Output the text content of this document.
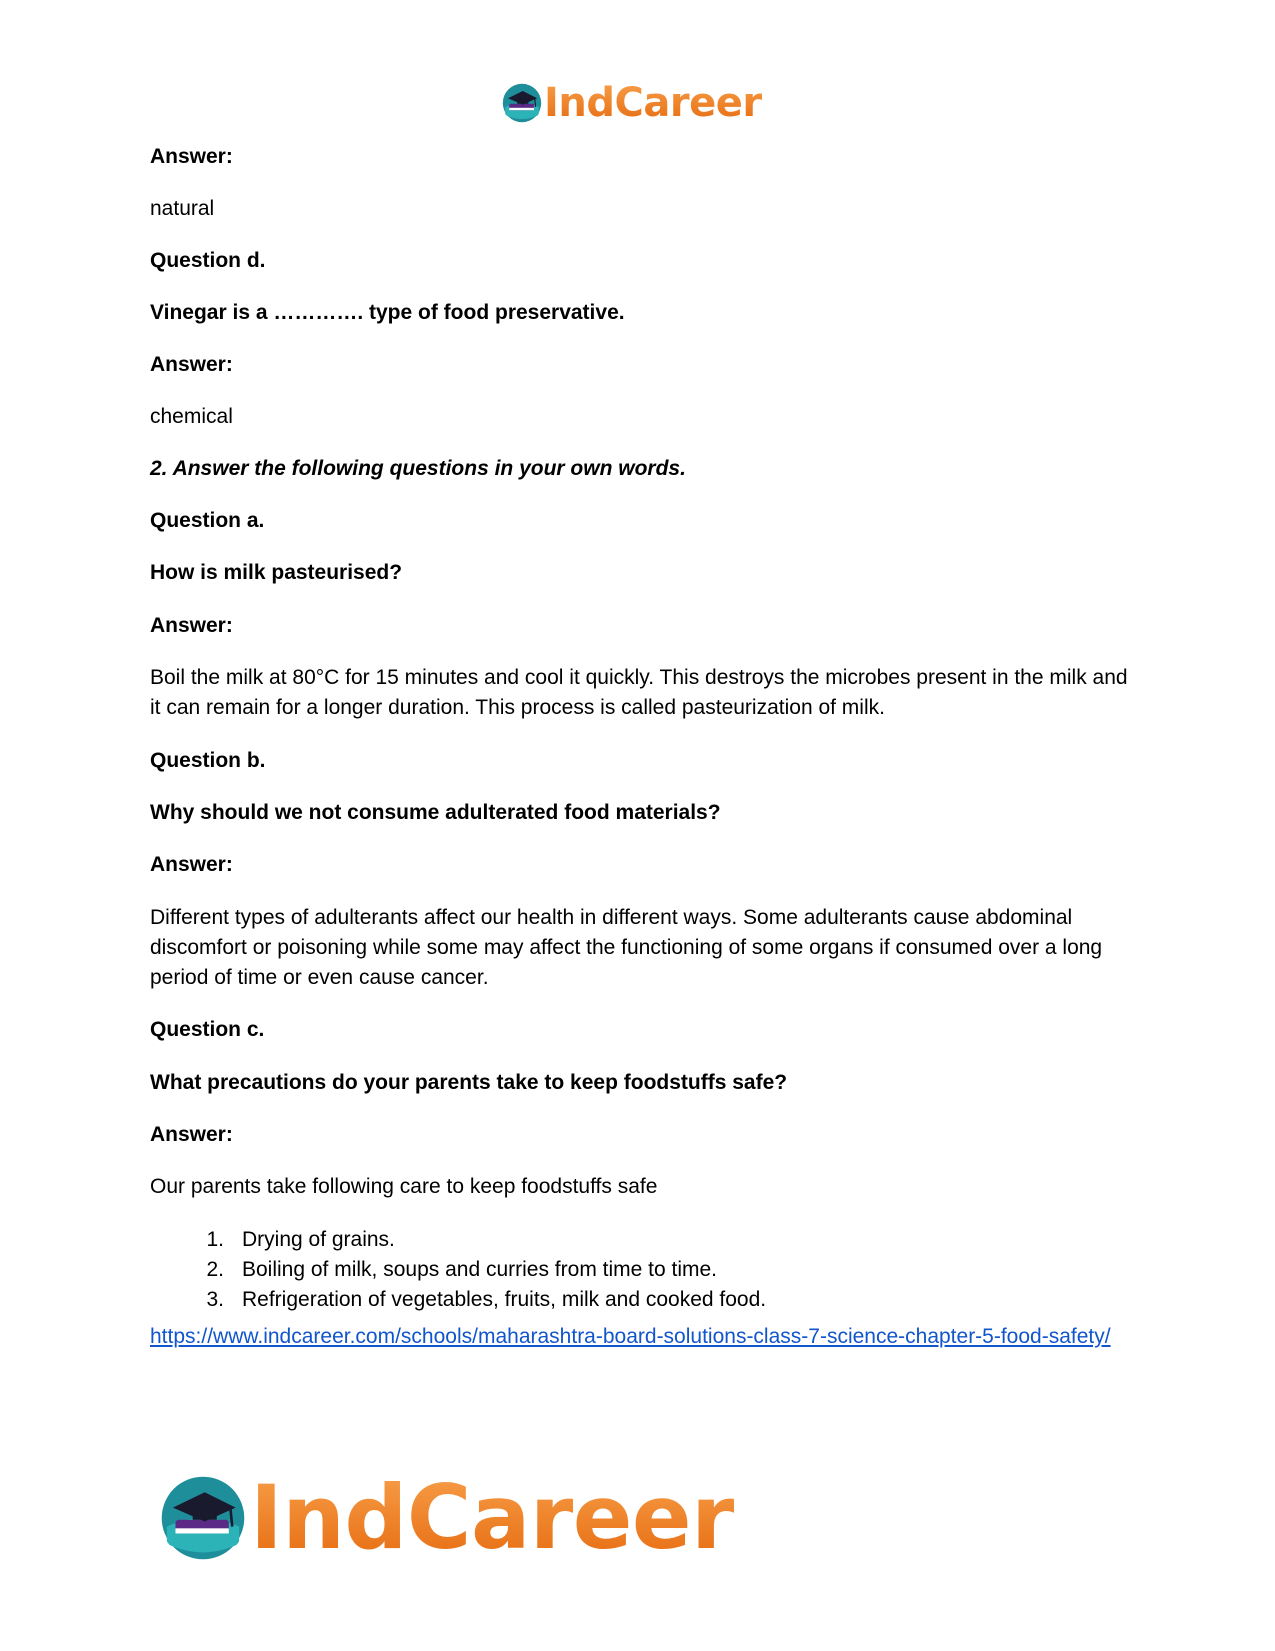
IndCareer

Answer:

natural

Question d.

Vinegar is a …………. type of food preservative.

Answer:

chemical

2. Answer the following questions in your own words.

Question a.

How is milk pasteurised?

Answer:

Boil the milk at 80°C for 15 minutes and cool it quickly. This destroys the microbes present in the milk and it can remain for a longer duration. This process is called pasteurization of milk.

Question b.

Why should we not consume adulterated food materials?

Answer:

Different types of adulterants affect our health in different ways. Some adulterants cause abdominal discomfort or poisoning while some may affect the functioning of some organs if consumed over a long period of time or even cause cancer.

Question c.

What precautions do your parents take to keep foodstuffs safe?

Answer:

Our parents take following care to keep foodstuffs safe

1. Drying of grains.
2. Boiling of milk, soups and curries from time to time.
3. Refrigeration of vegetables, fruits, milk and cooked food.
https://www.indcareer.com/schools/maharashtra-board-solutions-class-7-science-chapter-5-food-safety/
IndCareer
